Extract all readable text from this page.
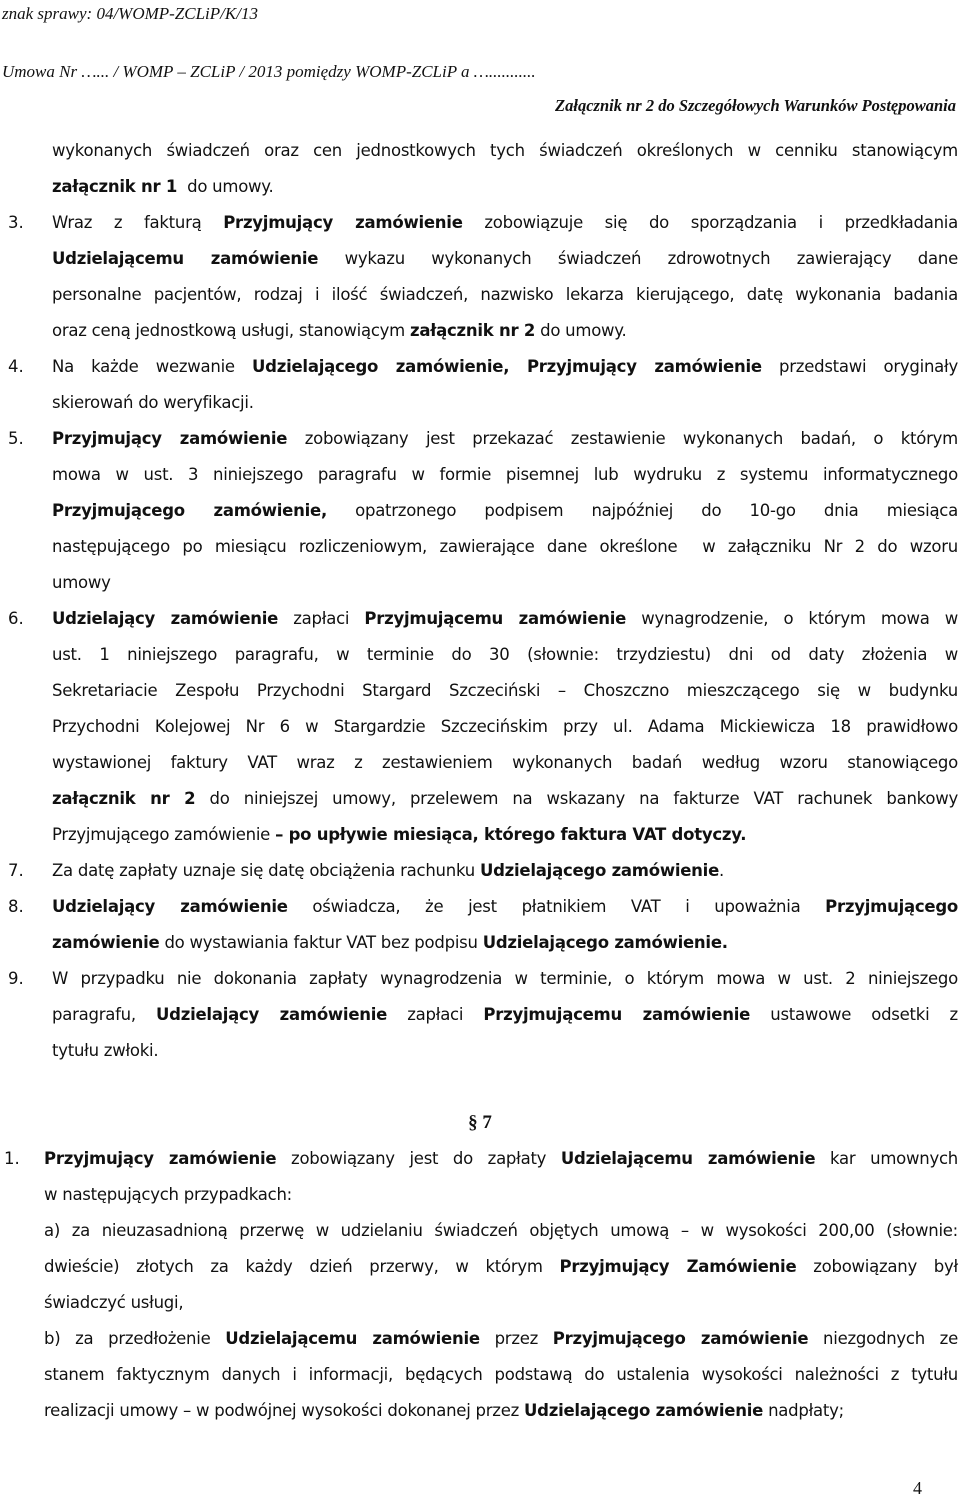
znak sprawy: 04/WOMP-ZCLiP/K/13
Umowa Nr …... / WOMP – ZCLiP / 2013 pomiędzy WOMP-ZCLiP a …...........
Załącznik nr 2 do Szczegółowych Warunków Postępowania
wykonanych świadczeń oraz cen jednostkowych tych świadczeń określonych w cenniku stanowiącym
załącznik nr 1  do umowy.
3. Wraz z fakturą Przyjmujący zamówienie zobowiązuje się do sporządzania i przedkładania
Udzielającemu zamówienie wykazu wykonanych świadczeń zdrowotnych zawierający dane
personalne pacjentów, rodzaj i ilość świadczeń, nazwisko lekarza kierującego, datę wykonania badania
oraz ceną jednostkową usługi, stanowiącym załącznik nr 2 do umowy.
4. Na każde wezwanie Udzielającego zamówienie, Przyjmujący zamówienie przedstawi oryginały
skierowań do weryfikacji.
5. Przyjmujący zamówienie zobowiązany jest przekazać zestawienie wykonanych badań, o którym
mowa w ust. 3 niniejszego paragrafu w formie pisemnej lub wydruku z systemu informatycznego
Przyjmującego zamówienie, opatrzonego podpisem najpóźniej do 10-go dnia miesiąca
następującego po miesiącu rozliczeniowym, zawierające dane określone  w załączniku Nr 2 do wzoru
umowy
6. Udzielający zamówienie zapłaci Przyjmującemu zamówienie wynagrodzenie, o którym mowa w
ust. 1 niniejszego paragrafu, w terminie do 30 (słownie: trzydziestu) dni od daty złożenia w
Sekretariacie Zespołu Przychodni Stargard Szczeciński – Choszczno mieszczącego się w budynku
Przychodni Kolejowej Nr 6 w Stargardzie Szczecińskim przy ul. Adama Mickiewicza 18 prawidłowo
wystawionej faktury VAT wraz z zestawieniem wykonanych badań według wzoru stanowiącego
załącznik nr 2 do niniejszej umowy, przelewem na wskazany na fakturze VAT rachunek bankowy
Przyjmującego zamówienie – po upływie miesiąca, którego faktura VAT dotyczy.
7. Za datę zapłaty uznaje się datę obciążenia rachunku Udzielającego zamówienie.
8. Udzielający zamówienie oświadcza, że jest płatnikiem VAT i upoważnia Przyjmującego
zamówienie do wystawiania faktur VAT bez podpisu Udzielającego zamówienie.
9. W przypadku nie dokonania zapłaty wynagrodzenia w terminie, o którym mowa w ust. 2 niniejszego
paragrafu, Udzielający zamówienie zapłaci Przyjmującemu zamówienie ustawowe odsetki z
tytułu zwłoki.
1. Przyjmujący zamówienie zobowiązany jest do zapłaty Udzielającemu zamówienie kar umownych
w następujących przypadkach:
a) za nieuzasadnioną przerwę w udzielaniu świadczeń objętych umową – w wysokości 200,00 (słownie:
dwieście) złotych za każdy dzień przerwy, w którym Przyjmujący Zamówienie zobowiązany był
świadczyć usługi,
b) za przedłożenie Udzielającemu zamówienie przez Przyjmującego zamówienie niezgodnych ze
stanem faktycznym danych i informacji, będących podstawą do ustalenia wysokości należności z tytułu
realizacji umowy – w podwójnej wysokości dokonanej przez Udzielającego zamówienie nadpłaty;
§ 7
4
